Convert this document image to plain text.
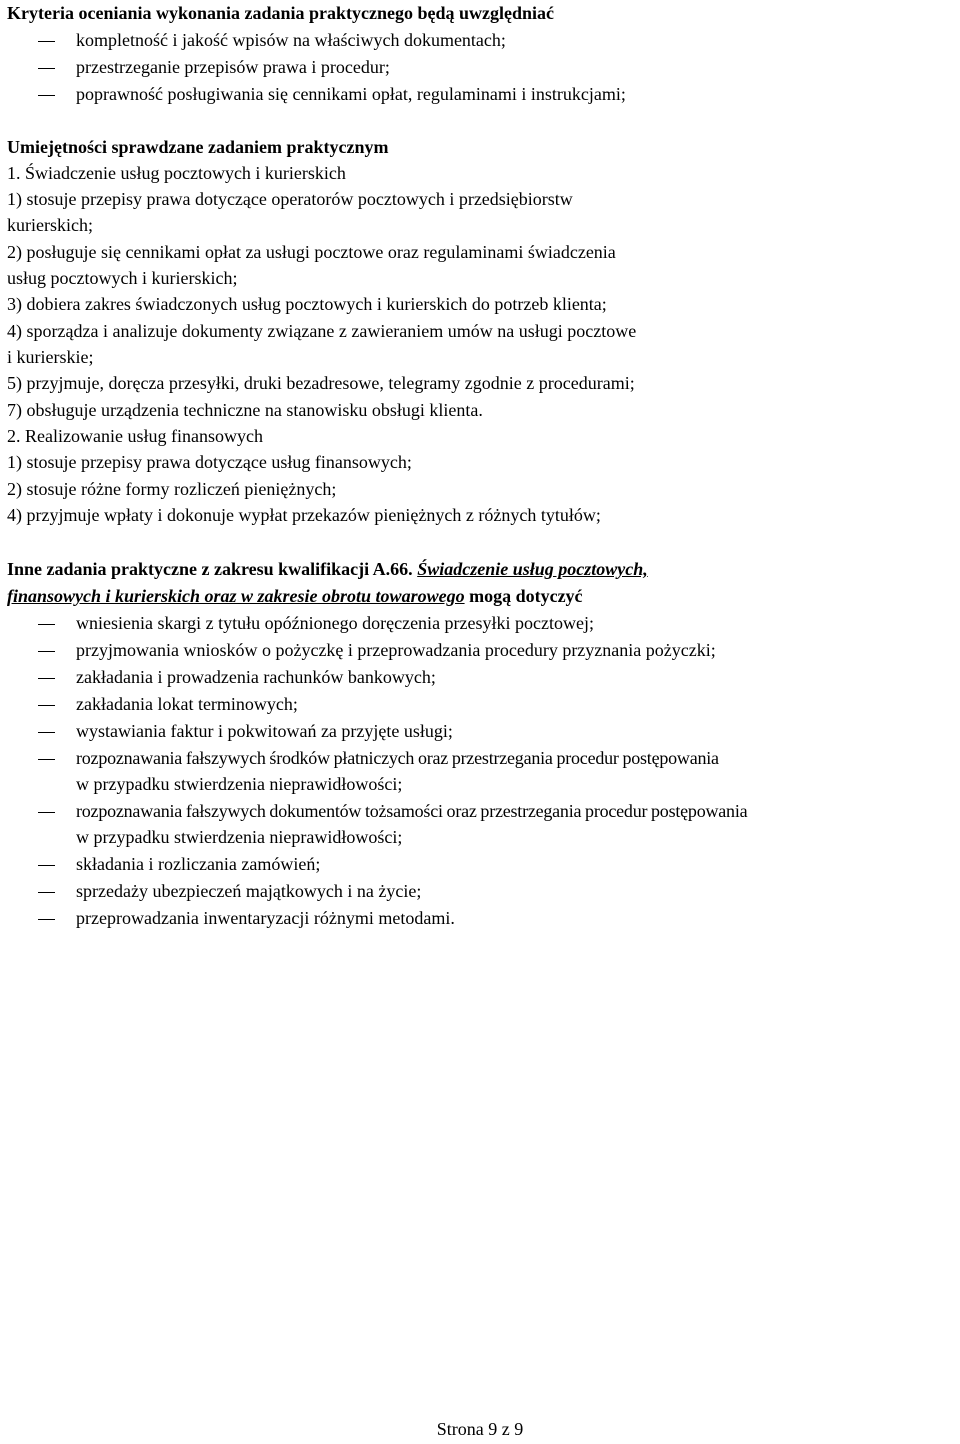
Kryteria oceniania wykonania zadania praktycznego będą uwzględniać
kompletność i jakość wpisów na właściwych dokumentach;
przestrzeganie przepisów prawa i procedur;
poprawność posługiwania się cennikami opłat, regulaminami i instrukcjami;
Umiejętności sprawdzane zadaniem praktycznym
1. Świadczenie usług pocztowych i kurierskich
1) stosuje przepisy prawa dotyczące operatorów pocztowych i przedsiębiorstw
kurierskich;
2) posługuje się cennikami opłat za usługi pocztowe oraz regulaminami świadczenia
usług pocztowych i kurierskich;
3) dobiera zakres świadczonych usług pocztowych i kurierskich do potrzeb klienta;
4) sporządza i analizuje dokumenty związane z zawieraniem umów na usługi pocztowe
i kurierskie;
5) przyjmuje, doręcza przesyłki, druki bezadresowe, telegramy zgodnie z procedurami;
7) obsługuje urządzenia techniczne na stanowisku obsługi klienta.
2. Realizowanie usług finansowych
1) stosuje przepisy prawa dotyczące usług finansowych;
2) stosuje różne formy rozliczeń pieniężnych;
4) przyjmuje wpłaty i dokonuje wypłat przekazów pieniężnych z różnych tytułów;
Inne zadania praktyczne z zakresu kwalifikacji A.66. Świadczenie usług pocztowych,
finansowych i kurierskich oraz w zakresie obrotu towarowego mogą dotyczyć
wniesienia skargi z tytułu opóźnionego doręczenia przesyłki pocztowej;
przyjmowania wniosków o pożyczkę i przeprowadzania procedury przyznania pożyczki;
zakładania i prowadzenia rachunków bankowych;
zakładania lokat terminowych;
wystawiania faktur i pokwitowań za przyjęte usługi;
rozpoznawania fałszywych środków płatniczych oraz przestrzegania procedur postępowania
w przypadku stwierdzenia nieprawidłowości;
rozpoznawania fałszywych dokumentów tożsamości oraz przestrzegania procedur postępowania
w przypadku stwierdzenia nieprawidłowości;
składania i rozliczania zamówień;
sprzedaży ubezpieczeń majątkowych i na życie;
przeprowadzania inwentaryzacji różnymi metodami.
Strona 9 z 9
